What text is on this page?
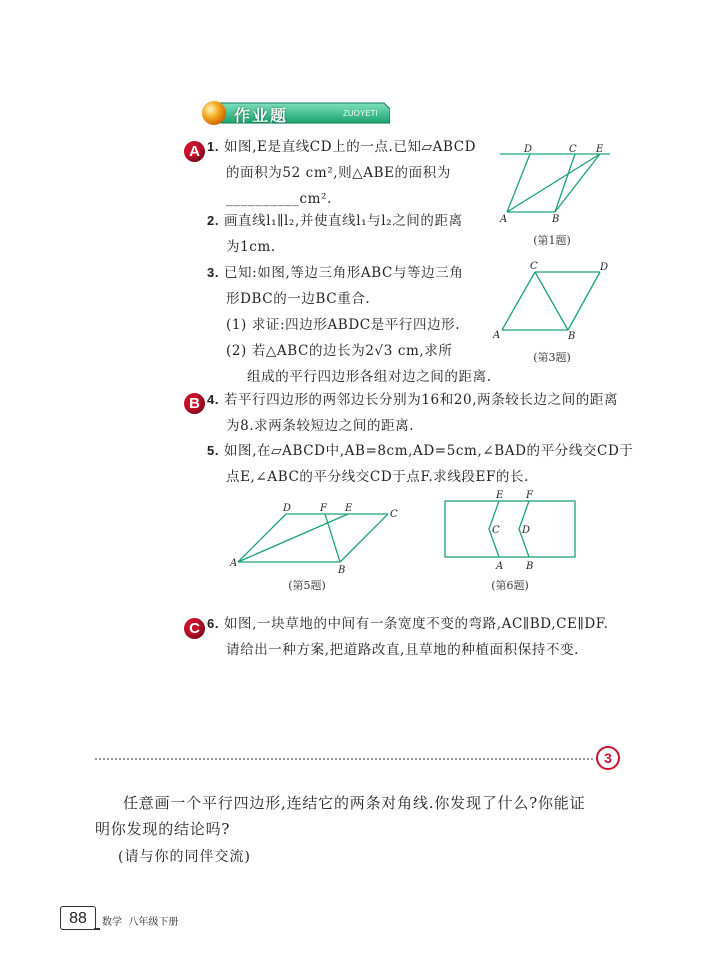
作业题	ZUOYETI
A 1. 如图,E是直线CD上的一点.已知▱ABCD
的面积为52 cm²,则△ABE的面积为
__________cm².
2. 画直线l₁∥l₂,并使直线l₁与l₂之间的距离
为1cm.
3. 已知:如图,等边三角形ABC与等边三角
形DBC的一边BC重合.
(1) 求证:四边形ABDC是平行四边形.
(2) 若△ABC的边长为2√3 cm,求所
组成的平行四边形各组对边之间的距离.
D	C E
A	B
(第1题)
C	D
A	B
(第3题)
B 4. 若平行四边形的两邻边长分别为16和20,两条较长边之间的距离
为8.求两条较短边之间的距离.
5. 如图,在▱ABCD中,AB=8cm,AD=5cm,∠BAD的平分线交CD于
点E,∠ABC的平分线交CD于点F.求线段EF的长.
D	F E
C
A
B
(第5题)
E F
C D
A B
(第6题)
C 6. 如图,一块草地的中间有一条宽度不变的弯路,AC∥BD,CE∥DF.
请给出一种方案,把道路改直,且草地的种植面积保持不变.
3
任意画一个平行四边形,连结它的两条对角线.你发现了什么?你能证
明你发现的结论吗?
(请与你的同伴交流)
88	数学  八年级下册
